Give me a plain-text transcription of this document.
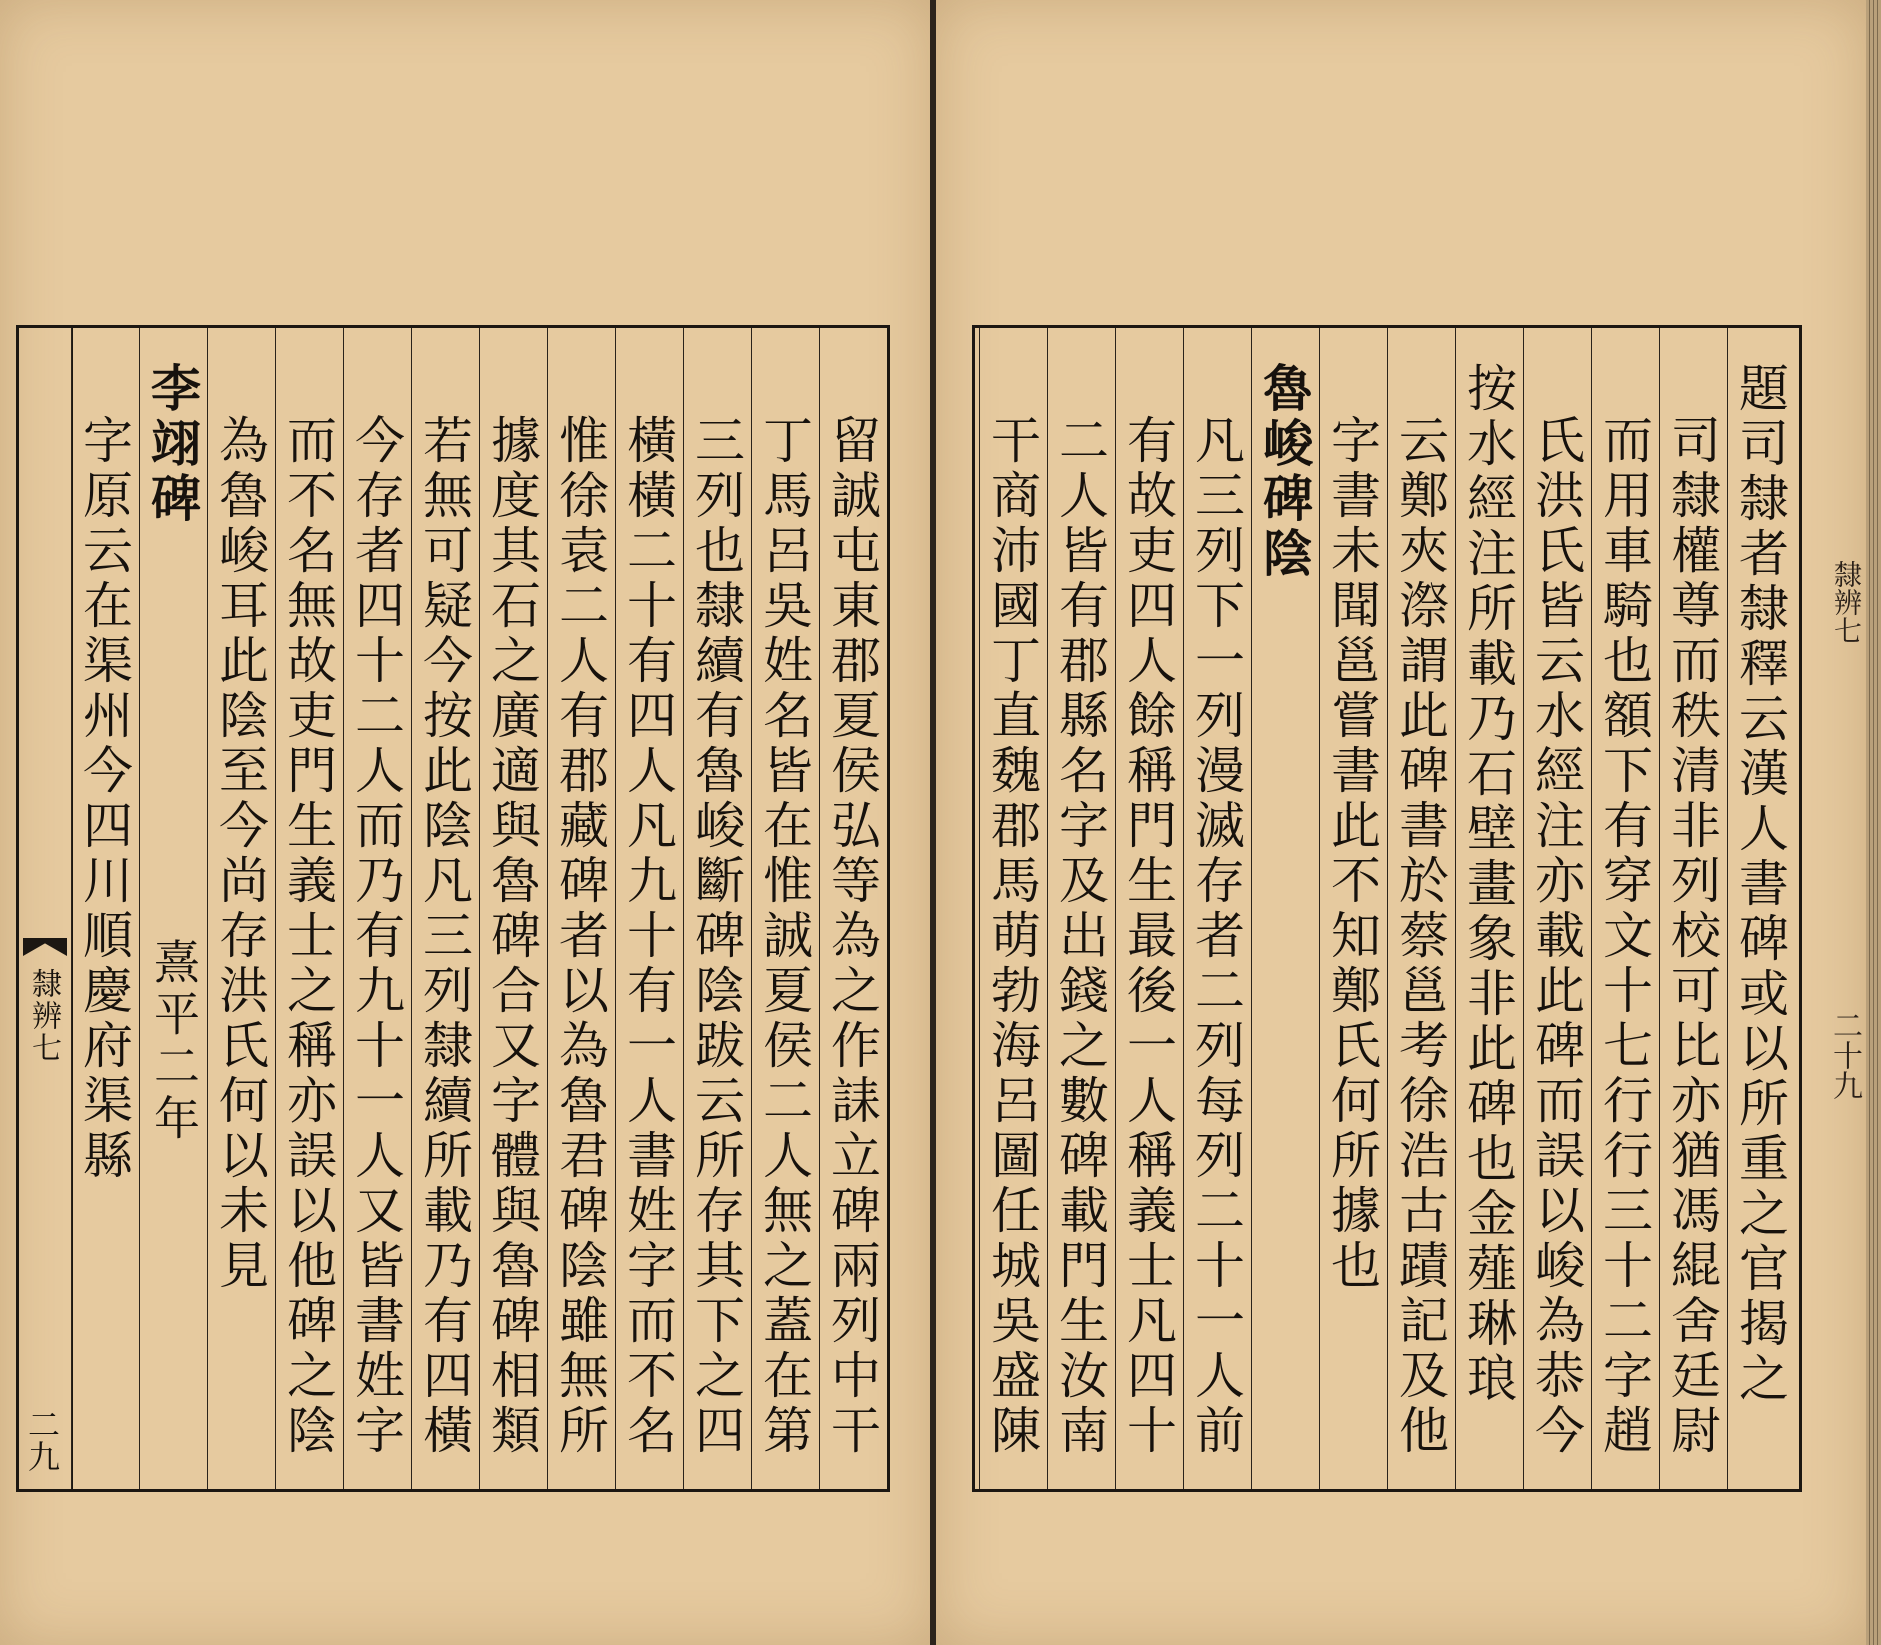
隸辨七
二九
字原云在渠州今四川順慶府渠縣 李翊碑
熹平二年 為魯峻耳此陰至今尚存洪氏何以未見 而不名無故吏門生義士之稱亦誤以他碑之陰 今存者四十二人而乃有九十一人又皆書姓字 若無可疑今按此陰凡三列隸續所載乃有四橫 據度其石之廣適與魯碑合又字體與魯碑相類 惟徐袁二人有郡藏碑者以為魯君碑陰雖無所 橫橫二十有四人凡九十有一人書姓字而不名 三列也隸續有魯峻斷碑陰跋云所存其下之四 丁馬呂吳姓名皆在惟誠夏侯二人無之蓋在第 留誠屯東郡夏侯弘等為之作誄立碑兩列中干 干商沛國丁直魏郡馬萌勃海呂圖任城吳盛陳 二人皆有郡縣名字及出錢之數碑載門生汝南 有故吏四人餘稱門生最後一人稱義士凡四十 凡三列下一列漫滅存者二列每列二十一人前 魯峻碑陰 字書未聞邕嘗書此不知鄭氏何所據也 云鄭夾漈謂此碑書於蔡邕考徐浩古蹟記及他 按水經注所載乃石壁畫象非此碑也金薤琳琅 氏洪氏皆云水經注亦載此碑而誤以峻為恭今 而用車騎也額下有穿文十七行行三十二字趙 司隸權尊而秩清非列校可比亦猶馮緄舍廷尉 題司隸者隸釋云漢人書碑或以所重之官揭之 隸辨七
二十九
